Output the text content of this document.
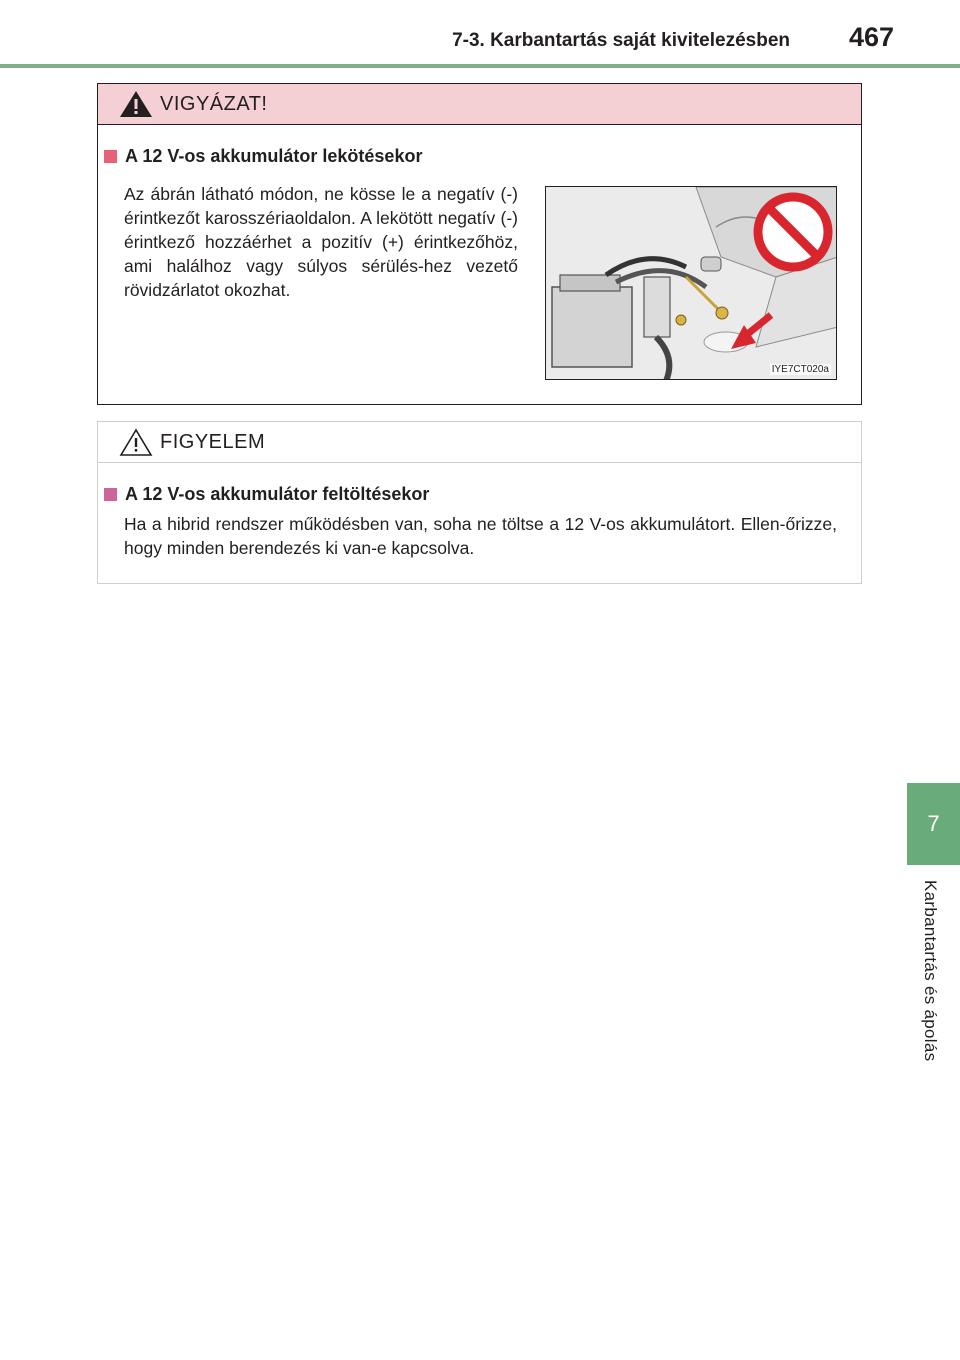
7-3. Karbantartás saját kivitelezésben 467
7
Karbantartás és ápolás
VIGYÁZAT!
A 12 V-os akkumulátor lekötésekor
Az ábrán látható módon, ne kösse le a negatív (-) érintkezőt karosszériaoldalon. A lekötött negatív (-) érintkező hozzáérhet a pozitív (+) érintkezőhöz, ami halálhoz vagy súlyos sérülés-hez vezető rövidzárlatot okozhat.
IYE7CT020a
FIGYELEM
A 12 V-os akkumulátor feltöltésekor
Ha a hibrid rendszer működésben van, soha ne töltse a 12 V-os akkumulátort. Ellen-őrizze, hogy minden berendezés ki van-e kapcsolva.
